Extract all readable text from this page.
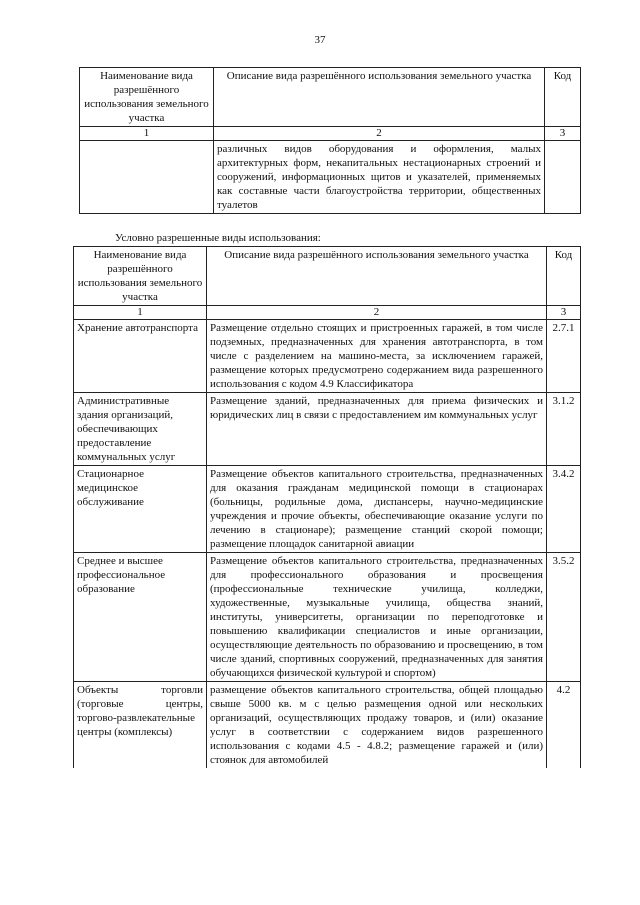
37
Наименование вида разрешённого использования земельного участка	Описание вида разрешённого использования земельного участка	Код
1	2	3
	различных видов оборудования и оформления, малых архитектурных форм, некапитальных нестационарных строений и сооружений, информационных щитов и указателей, применяемых как составные части благоустройства территории, общественных туалетов	
Условно разрешенные виды использования:
Наименование вида разрешённого использования земельного участка	Описание вида разрешённого использования земельного участка	Код
1	2	3
Хранение автотранспорта	Размещение отдельно стоящих и пристроенных гаражей, в том числе подземных, предназначенных для хранения автотранспорта, в том числе с разделением на машино-места, за исключением гаражей, размещение которых предусмотрено содержанием вида разрешенного использования с кодом 4.9 Классификатора	2.7.1
Административные здания организаций, обеспечивающих предоставление коммунальных услуг	Размещение зданий, предназначенных для приема физических и юридических лиц в связи с предоставлением им коммунальных услуг	3.1.2
Стационарное медицинское обслуживание	Размещение объектов капитального строительства, предназначенных для оказания гражданам медицинской помощи в стационарах (больницы, родильные дома, диспансеры, научно-медицинские учреждения и прочие объекты, обеспечивающие оказание услуги по лечению в стационаре); размещение станций скорой помощи; размещение площадок санитарной авиации	3.4.2
Среднее и высшее профессиональное образование	Размещение объектов капитального строительства, предназначенных для профессионального образования и просвещения (профессиональные технические училища, колледжи, художественные, музыкальные училища, общества знаний, институты, университеты, организации по переподготовке и повышению квалификации специалистов и иные организации, осуществляющие деятельность по образованию и просвещению, в том числе зданий, спортивных сооружений, предназначенных для занятия обучающихся физической культурой и спортом)	3.5.2
Объекты торговли (торговые центры, торгово-развлекательные центры (комплексы)	размещение объектов капитального строительства, общей площадью свыше 5000 кв. м с целью размещения одной или нескольких организаций, осуществляющих продажу товаров, и (или) оказание услуг в соответствии с содержанием видов разрешенного использования с кодами 4.5 - 4.8.2; размещение гаражей и (или) стоянок для автомобилей	4.2
